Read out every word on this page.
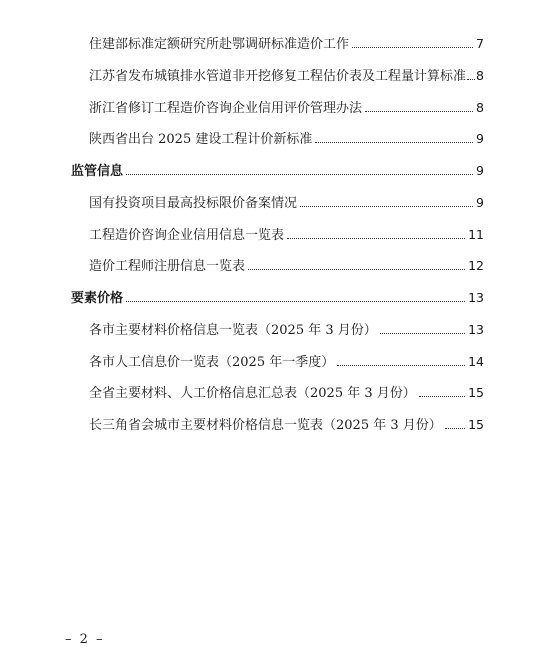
住建部标准定额研究所赴鄂调研标准造价工作	7
江苏省发布城镇排水管道非开挖修复工程估价表及工程量计算标准 8
浙江省修订工程造价咨询企业信用评价管理办法	8
陕西省出台 2025 建设工程计价新标准	9
监管信息	9
国有投资项目最高投标限价备案情况	9
工程造价咨询企业信用信息一览表	11
造价工程师注册信息一览表	12
要素价格	13
各市主要材料价格信息一览表（2025 年 3 月份）	13
各市人工信息价一览表（2025 年一季度）	14
全省主要材料、人工价格信息汇总表（2025 年 3 月份）	15
长三角省会城市主要材料价格信息一览表（2025 年 3 月份） 15
– 2 –
